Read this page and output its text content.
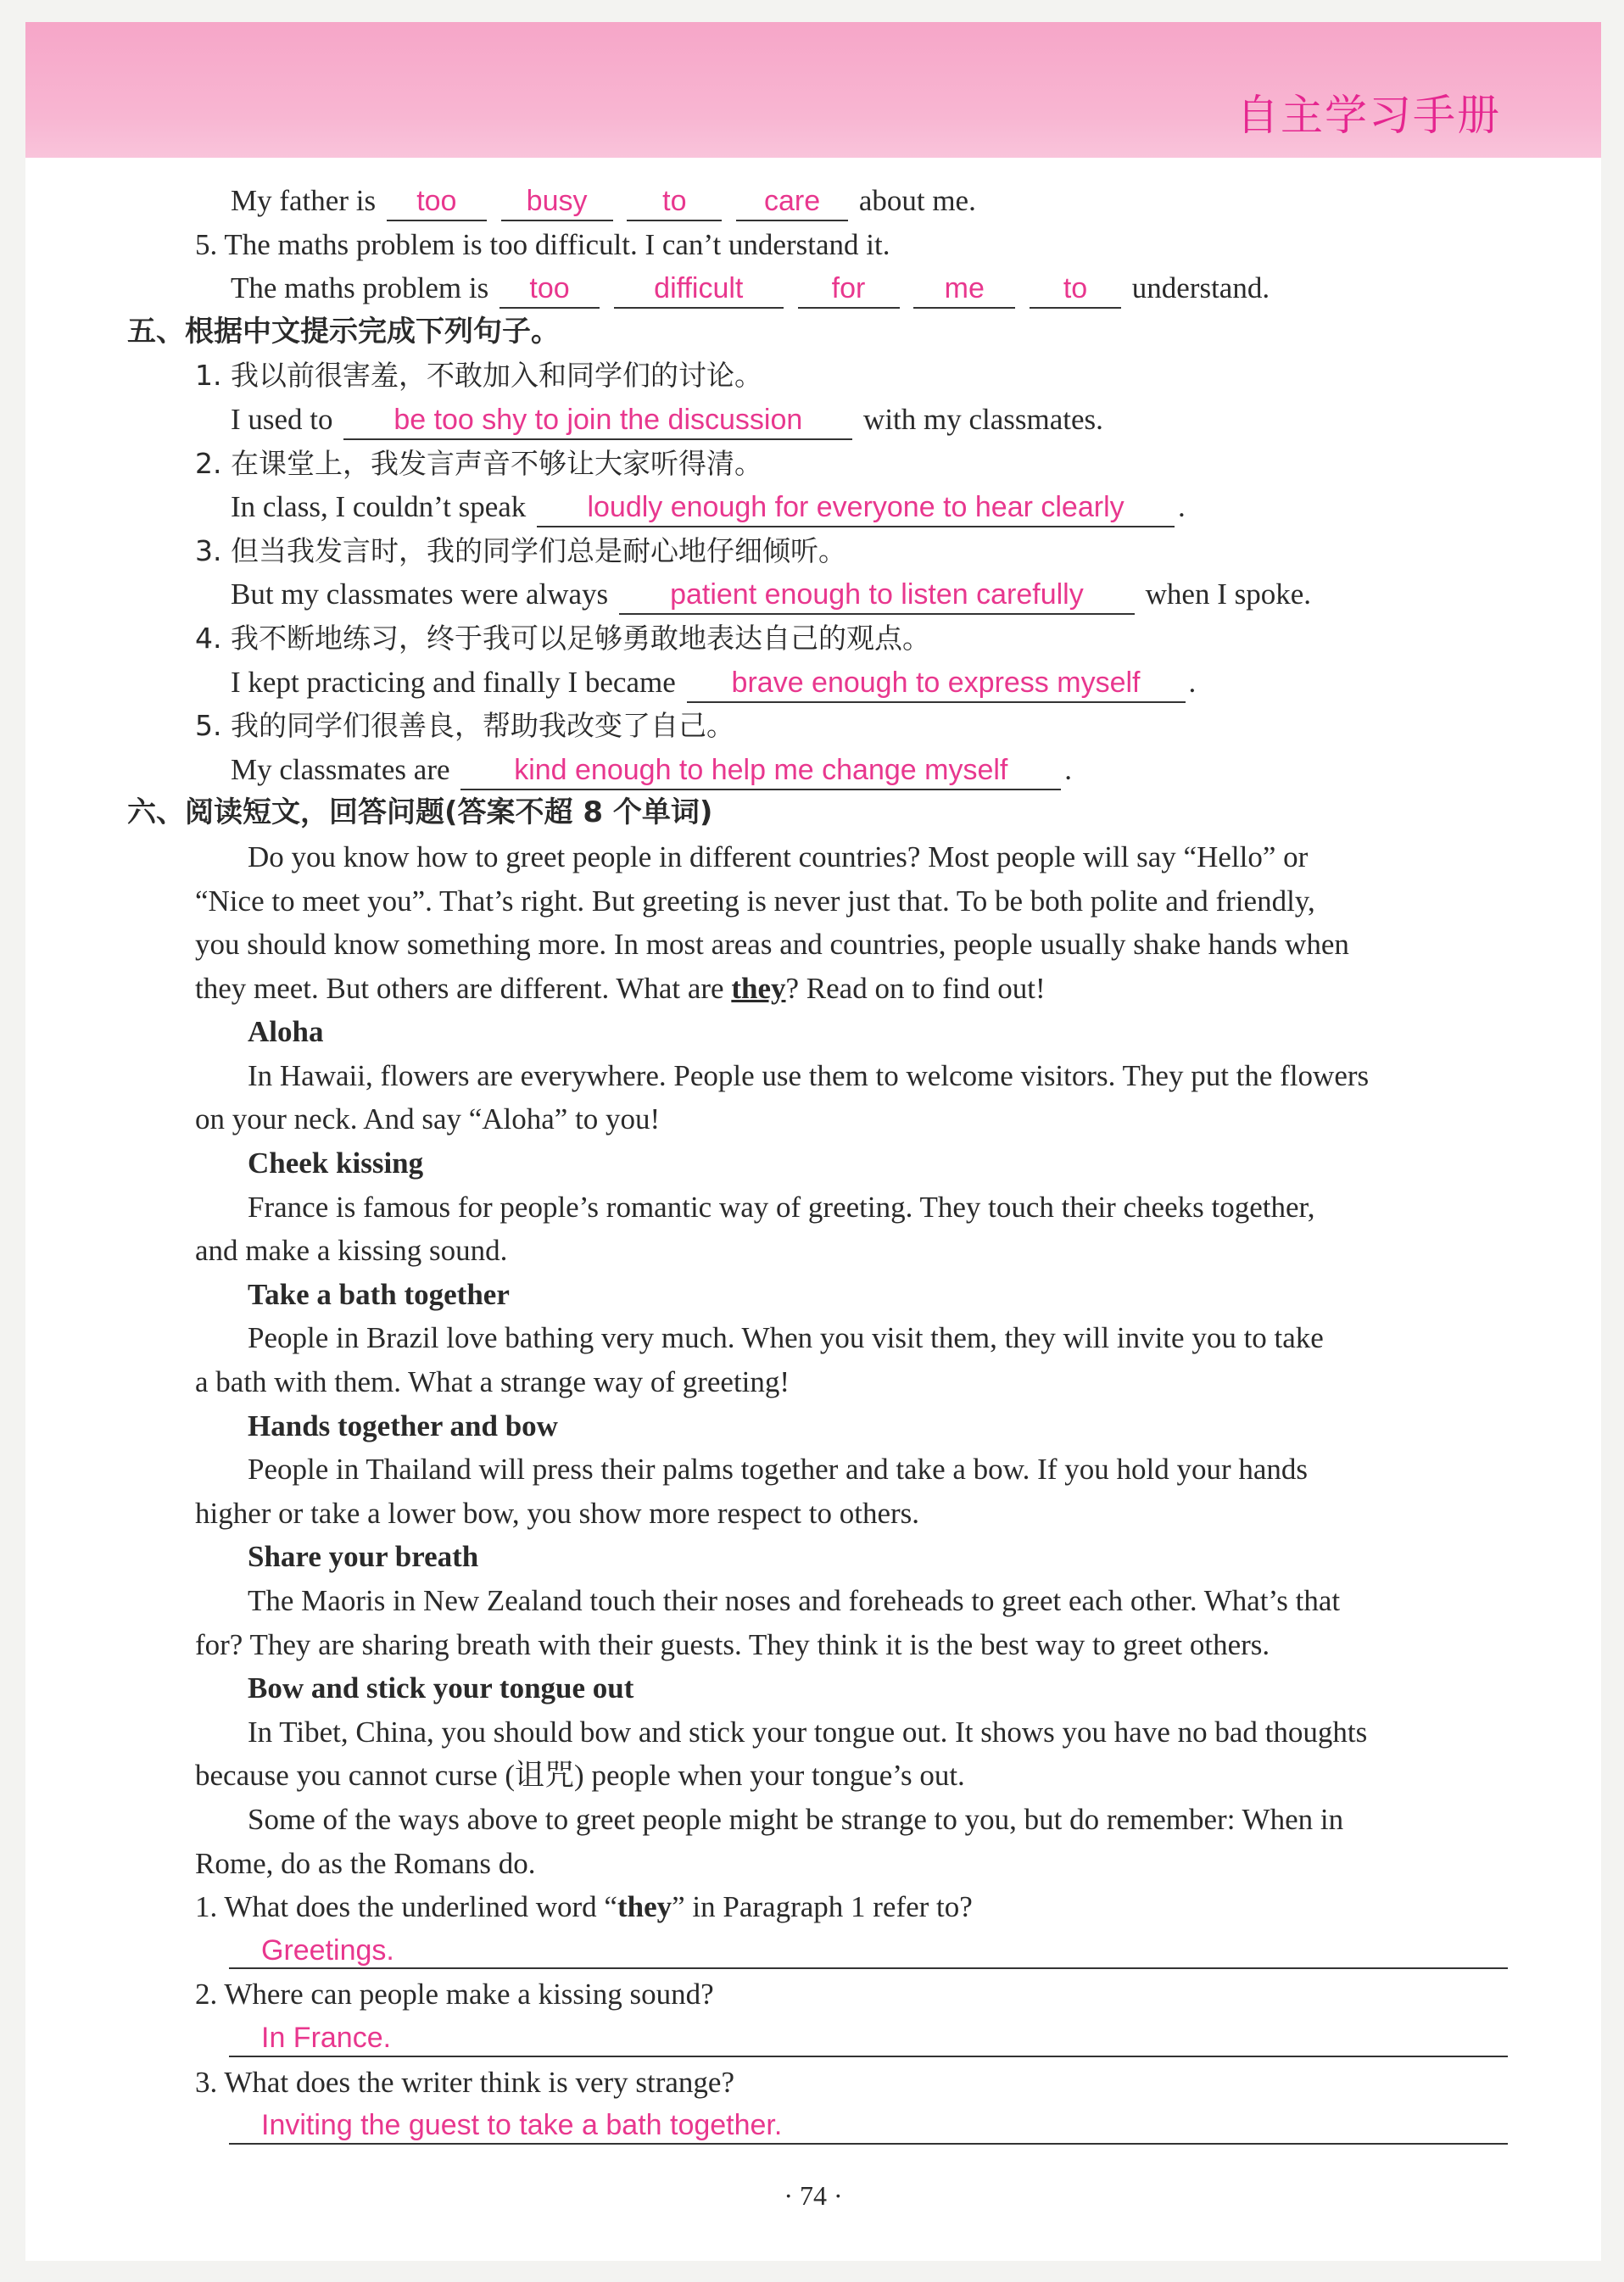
自主学习手册
My father is too busy	to	care about me.
5. The maths problem is too difficult. I can’t understand it.
The maths problem is too	difficult	for	me	to understand.
五、根据中文提示完成下列句子。
1. 我以前很害羞，不敢加入和同学们的讨论。
I used to be too shy to join the discussion with my classmates.
2. 在课堂上，我发言声音不够让大家听得清。
In class, I couldn’t speak loudly enough for everyone to hear clearly .
3. 但当我发言时，我的同学们总是耐心地仔细倾听。
But my classmates were always patient enough to listen carefully when I spoke.
4. 我不断地练习，终于我可以足够勇敢地表达自己的观点。
I kept practicing and finally I became brave enough to express myself .
5. 我的同学们很善良，帮助我改变了自己。
My classmates are kind enough to help me change myself .
六、阅读短文，回答问题(答案不超 8 个单词)
Do you know how to greet people in different countries? Most people will say “Hello” or
“Nice to meet you”. That’s right. But greeting is never just that. To be both polite and friendly,
you should know something more. In most areas and countries, people usually shake hands when
they meet. But others are different. What are they? Read on to find out!
Aloha
In Hawaii, flowers are everywhere. People use them to welcome visitors. They put the flowers
on your neck. And say “Aloha” to you!
Cheek kissing
France is famous for people’s romantic way of greeting. They touch their cheeks together,
and make a kissing sound.
Take a bath together
People in Brazil love bathing very much. When you visit them, they will invite you to take
a bath with them. What a strange way of greeting!
Hands together and bow
People in Thailand will press their palms together and take a bow. If you hold your hands
higher or take a lower bow, you show more respect to others.
Share your breath
The Maoris in New Zealand touch their noses and foreheads to greet each other. What’s that
for? They are sharing breath with their guests. They think it is the best way to greet others.
Bow and stick your tongue out
In Tibet, China, you should bow and stick your tongue out. It shows you have no bad thoughts
because you cannot curse (诅咒) people when your tongue’s out.
Some of the ways above to greet people might be strange to you, but do remember: When in
Rome, do as the Romans do.
1. What does the underlined word “they” in Paragraph 1 refer to?
Greetings.
2. Where can people make a kissing sound?
In France.
3. What does the writer think is very strange?
Inviting the guest to take a bath together.
· 74 ·
